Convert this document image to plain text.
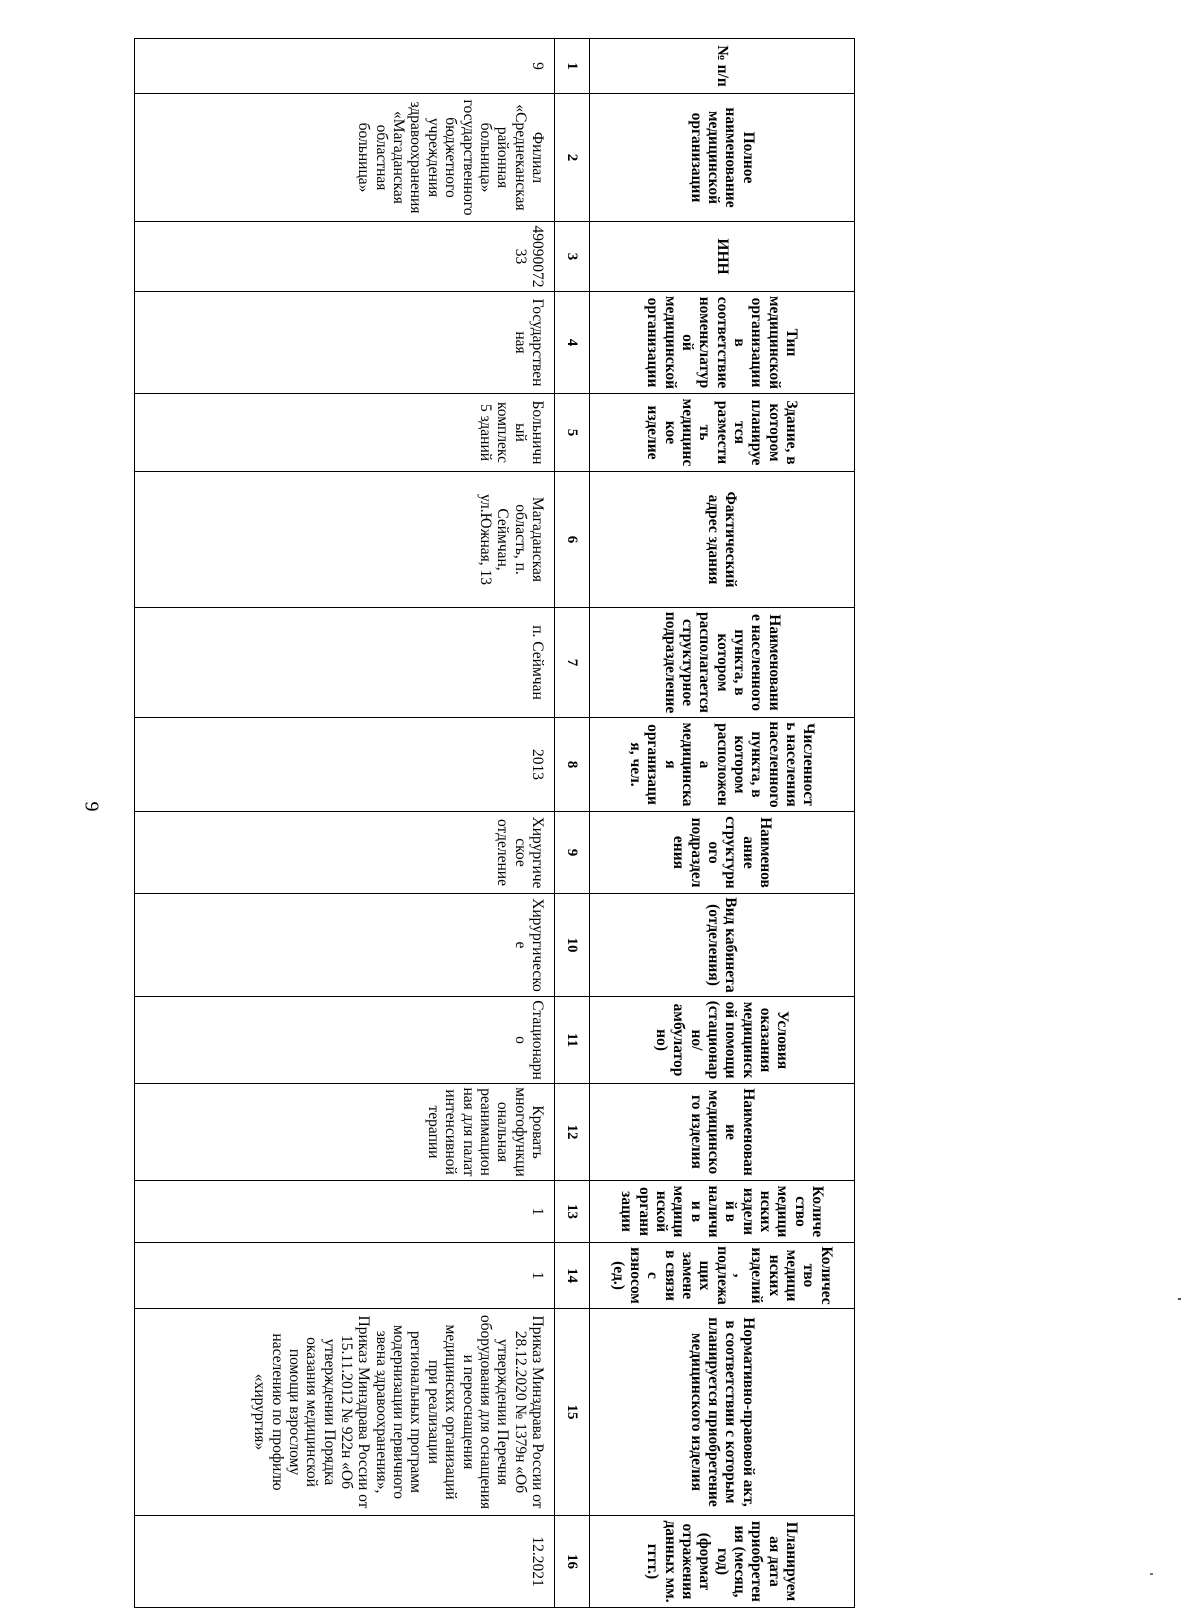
9
№ п/п	Полное наименование медицинской организации	ИНН	Тип медицинской организации в соответствие номенклатурой медицинской организации	Здание, в котором планируется разместить медицинское изделие	Фактический адрес здания	Наименование населенного пункта, в котором располагается структурное подразделение	Численность населения населенного пункта, в котором расположена медицинская организация, чел.	Наименование структурного подразделения	Вид кабинета (отделения)	Условия оказания медицинской помощи (стационарно/амбулаторно)	Наименование медицинского изделия	Количество медицинских изделий в наличии в медицинской организации	Количество медицинских изделий, подлежащих замене в связи с износом (ед.)	Нормативно-правовой акт, в соответствии с которым планируется приобретение медицинского изделия	Планируемая дата приобретения (месяц, год) (формат отражения данных мм. гггг.)
1	2	3	4	5	6	7	8	9	10	11	12	13	14	15	16
9	Филиал «Среднеканская районная больница» государственного бюджетного учреждения здравоохранения «Магаданская областная больница»	4909007233	Государственная	Больничный комплекс 5 зданий	Магаданская область, п. Сеймчан, ул.Южная, 13	п. Сеймчан	2013	Хирургическое отделение	Хирургическое	Стационарно	Кровать многофункциональная реанимационная для палат интенсивной терапии	1	1	Приказ Минздрава России от 28.12.2020 № 1379н «Об утверждении Перечня оборудования для оснащения и переоснащения медицинских организаций при реализации региональных программ модернизации первичного звена здравоохранения», Приказ Минздрава России от 15.11.2012 № 922н «Об утверждении Порядка оказания медицинской помощи взрослому населению по профилю «хирургия»	12.2021
